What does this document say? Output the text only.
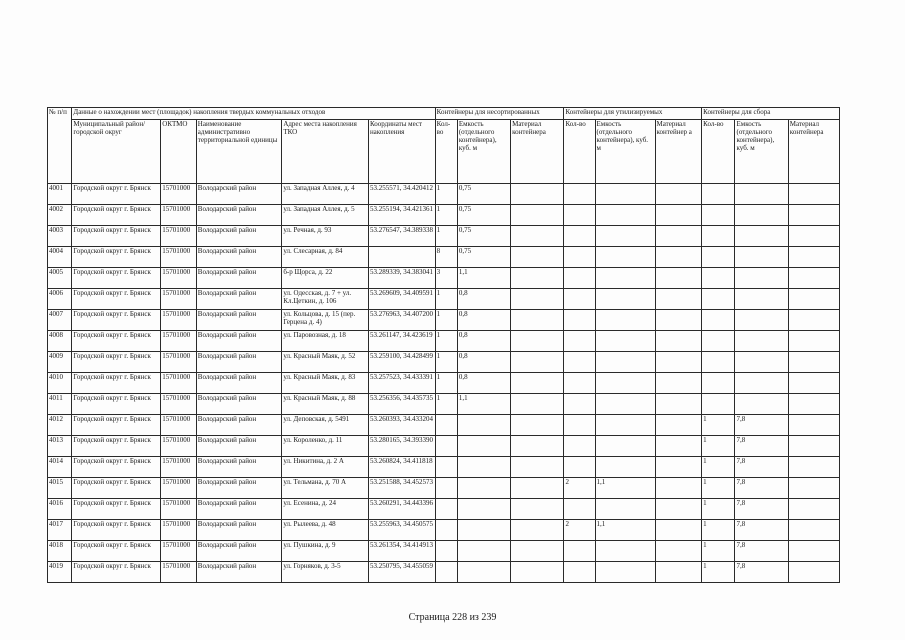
№ п/п	Данные о нахождении мест (площадок) накопления твердых коммунальных отходов					Контейнеры для несортированных			Контейнеры для утилизируемых			Контейнеры для сбора		
	Муниципальный район/городской округ	ОКТМО	Наименование административно территориальной единицы	Адрес места накопления ТКО	Координаты мест накопления	Кол-во	Емкость (отдельного контейнера), куб. м	Материал контейнера	Кол-во	Емкость (отдельного контейнера), куб. м	Материал контейнер а	Кол-во	Емкость (отдельного контейнера), куб. м	Материал контейнера
4001	Городской округ г. Брянск	15701000	Володарский район	ул. Западная Аллея, д. 4	53.255571, 34.420412	1	0,75							
4002	Городской округ г. Брянск	15701000	Володарский район	ул. Западная Аллея, д. 5	53.255194, 34.421361	1	0,75							
4003	Городской округ г. Брянск	15701000	Володарский район	ул. Речная, д. 93	53.276547, 34.389338	1	0,75							
4004	Городской округ г. Брянск	15701000	Володарский район	ул. Слесарная, д. 84		8	0,75							
4005	Городской округ г. Брянск	15701000	Володарский район	б-р Щорса, д. 22	53.289339, 34.383041	3	1,1							
4006	Городской округ г. Брянск	15701000	Володарский район	ул. Одесская, д. 7 + ул. Кл.Цеткин, д. 106	53.269609, 34.409591	1	0,8							
4007	Городской округ г. Брянск	15701000	Володарский район	ул. Кольцова, д. 15 (пер. Герцена д. 4)	53.276963, 34.407200	1	0,8							
4008	Городской округ г. Брянск	15701000	Володарский район	ул. Паровозная, д. 18	53.261147, 34.423619	1	0,8							
4009	Городской округ г. Брянск	15701000	Володарский район	ул. Красный Маяк, д. 52	53.259100, 34.428499	1	0,8							
4010	Городской округ г. Брянск	15701000	Володарский район	ул. Красный Маяк, д. 83	53.257523, 34.433391	1	0,8							
4011	Городской округ г. Брянск	15701000	Володарский район	ул. Красный Маяк, д. 88	53.256356, 34.435735	1	1,1							
4012	Городской округ г. Брянск	15701000	Володарский район	ул. Деповская, д. 5491	53.260393, 34.433204							1	7,8	
4013	Городской округ г. Брянск	15701000	Володарский район	ул. Короленко, д. 11	53.280165, 34.393390							1	7,8	
4014	Городской округ г. Брянск	15701000	Володарский район	ул. Никитина, д. 2 А	53.260824, 34.411818							1	7,8	
4015	Городской округ г. Брянск	15701000	Володарский район	ул. Тельмана, д. 70 А	53.251588, 34.452573				2	1,1		1	7,8	
4016	Городской округ г. Брянск	15701000	Володарский район	ул. Есенина, д. 24	53.260291, 34.443396							1	7,8	
4017	Городской округ г. Брянск	15701000	Володарский район	ул. Рылеева, д. 48	53.255963, 34.450575				2	1,1		1	7,8	
4018	Городской округ г. Брянск	15701000	Володарский район	ул. Пушкина, д. 9	53.261354, 34.414913							1	7,8	
4019	Городской округ г. Брянск	15701000	Володарский район	ул. Горняков, д. 3-5	53.250795, 34.455059							1	7,8	
Страница 228 из 239
